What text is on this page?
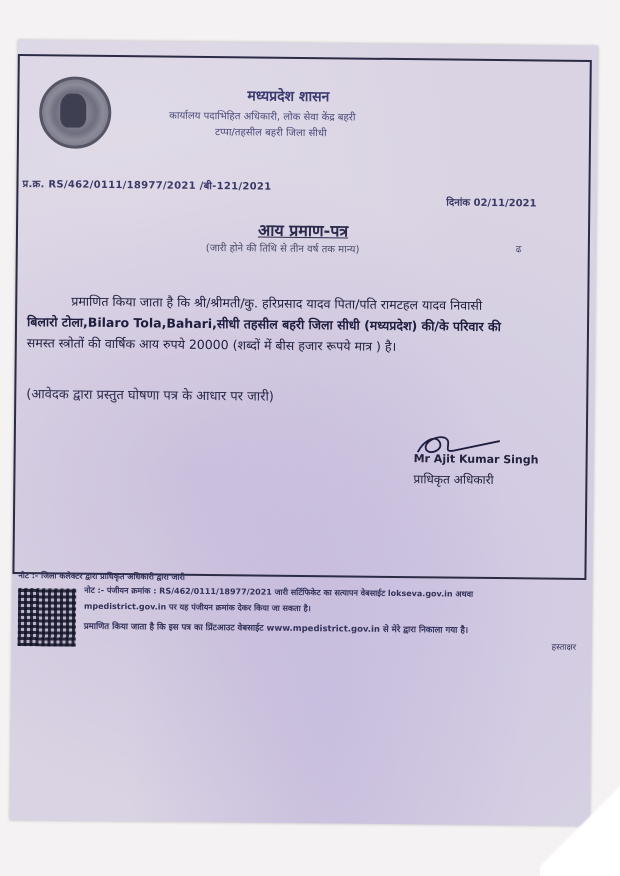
मध्यप्रदेश शासन
कार्यालय पदाभिहित अधिकारी, लोक सेवा केंद्र बहरी
टप्पा/तहसील बहरी जिला सीधी
प्र.क्र. RS/462/0111/18977/2021 /बी-121/2021
दिनांक 02/11/2021
आय प्रमाण-पत्र
(जारी होने की तिथि से तीन वर्ष तक मान्य)	ढ
प्रमाणित किया जाता है कि श्री/श्रीमती/कु. हरिप्रसाद यादव पिता/पति रामटहल यादव निवासी
बिलारो टोला,Bilaro Tola,Bahari,सीधी तहसील बहरी जिला सीधी (मध्यप्रदेश) की/के परिवार की
समस्त स्त्रोतों की वार्षिक आय रुपये 20000 (शब्दों में बीस हजार रूपये मात्र ) है।
(आवेदक द्वारा प्रस्तुत घोषणा पत्र के आधार पर जारी)
Mr Ajit Kumar Singh
प्राधिकृत अधिकारी
नोट :- जिला कलेक्टर द्वारा प्राधिकृत अधिकारी द्वारा जारी
नोट :- पंजीयन क्रमांक : RS/462/0111/18977/2021 जारी सर्टिफिकेट का सत्यापन वेबसाईट lokseva.gov.in अथवा mpedistrict.gov.in पर यह पंजीयन क्रमांक देकर किया जा सकता है।
प्रमाणित किया जाता है कि इस पत्र का प्रिंटआउट वेबसाईट www.mpedistrict.gov.in से मेरे द्वारा निकाला गया है।
हस्ताक्षर
